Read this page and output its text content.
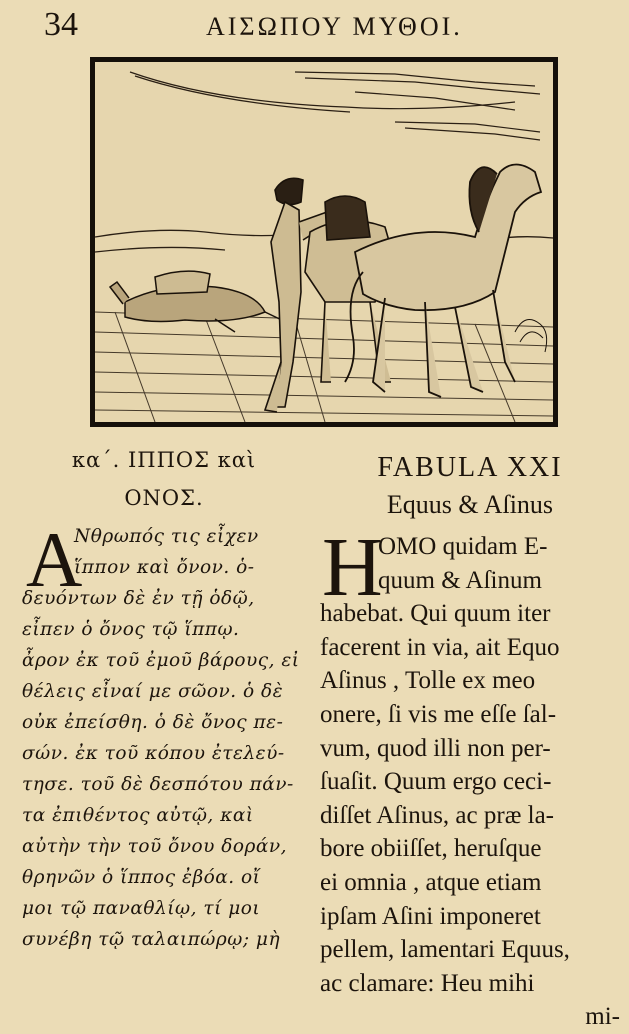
34	ΑΙΣΩΠΟΥ ΜΥΘΟΙ.
κα΄. ΙΠΠΟΣ καὶ
ΟΝΟΣ.
Α
Νθρωπός τις εἶχεν
ἵππον καὶ ὄνον. ὁ-
δευόντων δὲ ἐν τῇ ὁδῷ,
εἶπεν ὁ ὄνος τῷ ἵππῳ.
ἆρον ἐκ τοῦ ἐμοῦ βάρους, εἰ
θέλεις εἶναί με σῶον. ὁ δὲ
οὐκ ἐπείσθη. ὁ δὲ ὄνος πε-
σών. ἐκ τοῦ κόπου ἐτελεύ-
τησε. τοῦ δὲ δεσπότου πάν-
τα ἐπιθέντος αὐτῷ, καὶ
αὐτὴν τὴν τοῦ ὄνου δοράν,
θρηνῶν ὁ ἵππος ἐβόα. οἴ
μοι τῷ παναθλίῳ, τί μοι
συνέβη τῷ ταλαιπώρῳ; μὴ
FABULA XXI
Equus & Aſinus
H
OMO quidam E-
quum & Aſinum
habebat. Qui quum iter
facerent in via, ait Equo
Aſinus , Tolle ex meo
onere, ſi vis me eſſe ſal-
vum, quod illi non per-
ſuaſit. Quum ergo ceci-
diſſet Aſinus, ac præ la-
bore obiiſſet, heruſque
ei omnia , atque etiam
ipſam Aſini imponeret
pellem, lamentari Equus,
ac clamare: Heu mihi
mi-
